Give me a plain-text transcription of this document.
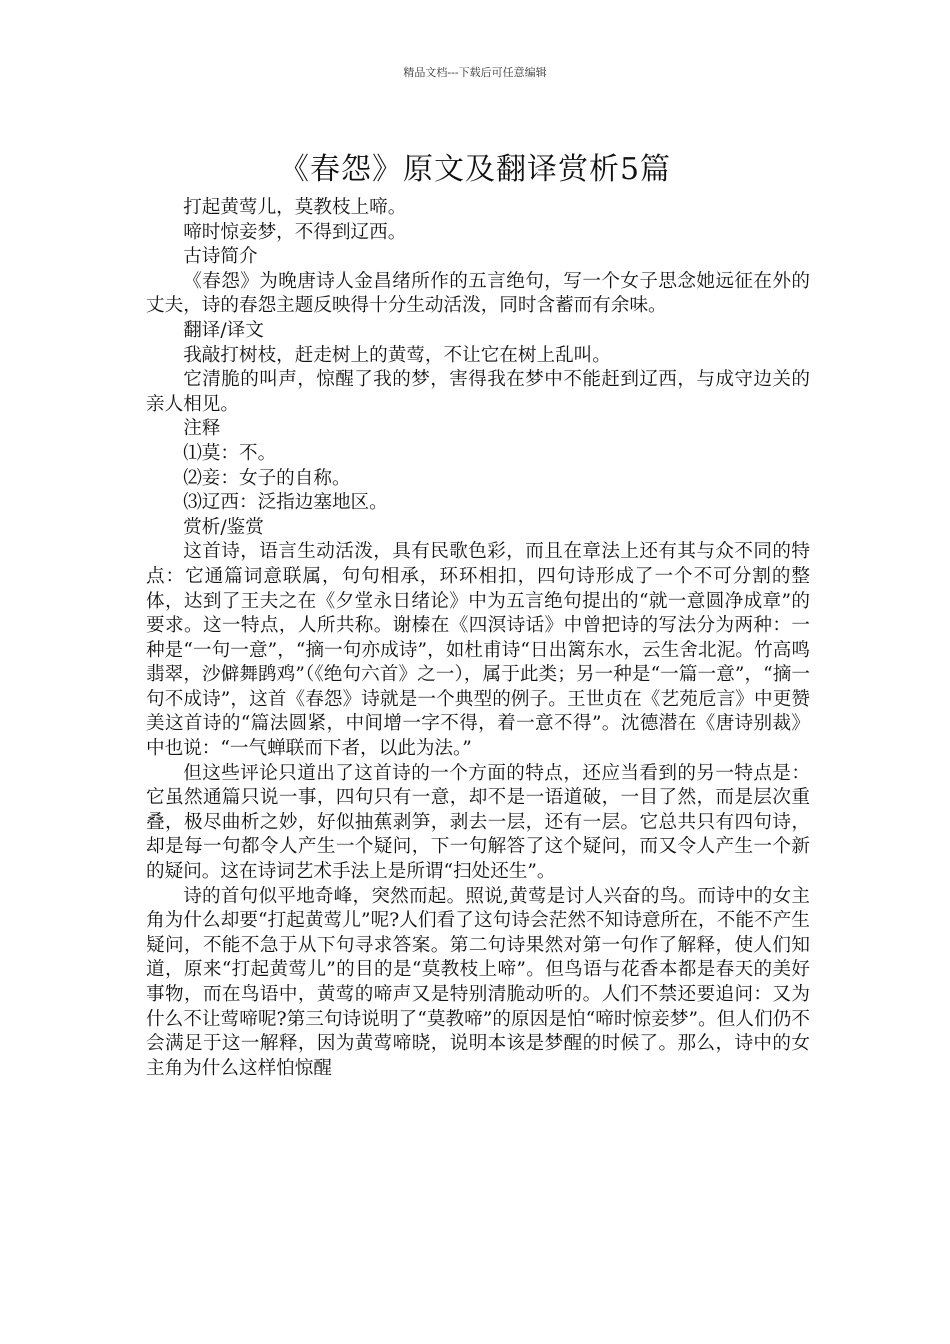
精品文档---下载后可任意编辑
《春怨》原文及翻译赏析5篇

打起黄莺儿，莫教枝上啼。

啼时惊妾梦，不得到辽西。

古诗简介

《春怨》为晚唐诗人金昌绪所作的五言绝句，写一个女子思念她远征在外的丈夫，诗的春怨主题反映得十分生动活泼，同时含蓄而有余味。

翻译/译文

我敲打树枝，赶走树上的黄莺，不让它在树上乱叫。

它清脆的叫声，惊醒了我的梦，害得我在梦中不能赶到辽西，与成守边关的亲人相见。

注释

⑴莫：不。

⑵妾：女子的自称。

⑶辽西：泛指边塞地区。

赏析/鉴赏

这首诗，语言生动活泼，具有民歌色彩，而且在章法上还有其与众不同的特点：它通篇词意联属，句句相承，环环相扣，四句诗形成了一个不可分割的整体，达到了王夫之在《夕堂永日绪论》中为五言绝句提出的“就一意圆净成章”的要求。这一特点，人所共称。谢榛在《四溟诗话》中曾把诗的写法分为两种：一种是“一句一意”，“摘一句亦成诗”，如杜甫诗“日出篱东水，云生舍北泥。竹高鸣翡翠，沙僻舞鹍鸡”（《绝句六首》之一），属于此类；另一种是“一篇一意”，“摘一句不成诗”，这首《春怨》诗就是一个典型的例子。王世贞在《艺苑卮言》中更赞美这首诗的“篇法圆紧，中间增一字不得，着一意不得”。沈德潜在《唐诗别裁》中也说：“一气蝉联而下者，以此为法。”

但这些评论只道出了这首诗的一个方面的特点，还应当看到的另一特点是：它虽然通篇只说一事，四句只有一意，却不是一语道破，一目了然，而是层次重叠，极尽曲析之妙，好似抽蕉剥笋，剥去一层，还有一层。它总共只有四句诗，却是每一句都令人产生一个疑问，下一句解答了这个疑问，而又令人产生一个新的疑问。这在诗词艺术手法上是所谓“扫处还生”。

诗的首句似平地奇峰，突然而起。照说,黄莺是讨人兴奋的鸟。而诗中的女主角为什么却要“打起黄莺儿”呢?人们看了这句诗会茫然不知诗意所在，不能不产生疑问，不能不急于从下句寻求答案。第二句诗果然对第一句作了解释，使人们知道，原来“打起黄莺儿”的目的是“莫教枝上啼”。但鸟语与花香本都是春天的美好事物，而在鸟语中，黄莺的啼声又是特别清脆动听的。人们不禁还要追问：又为什么不让莺啼呢?第三句诗说明了“莫教啼”的原因是怕“啼时惊妾梦”。但人们仍不会满足于这一解释，因为黄莺啼晓，说明本该是梦醒的时候了。那么，诗中的女主角为什么这样怕惊醒
